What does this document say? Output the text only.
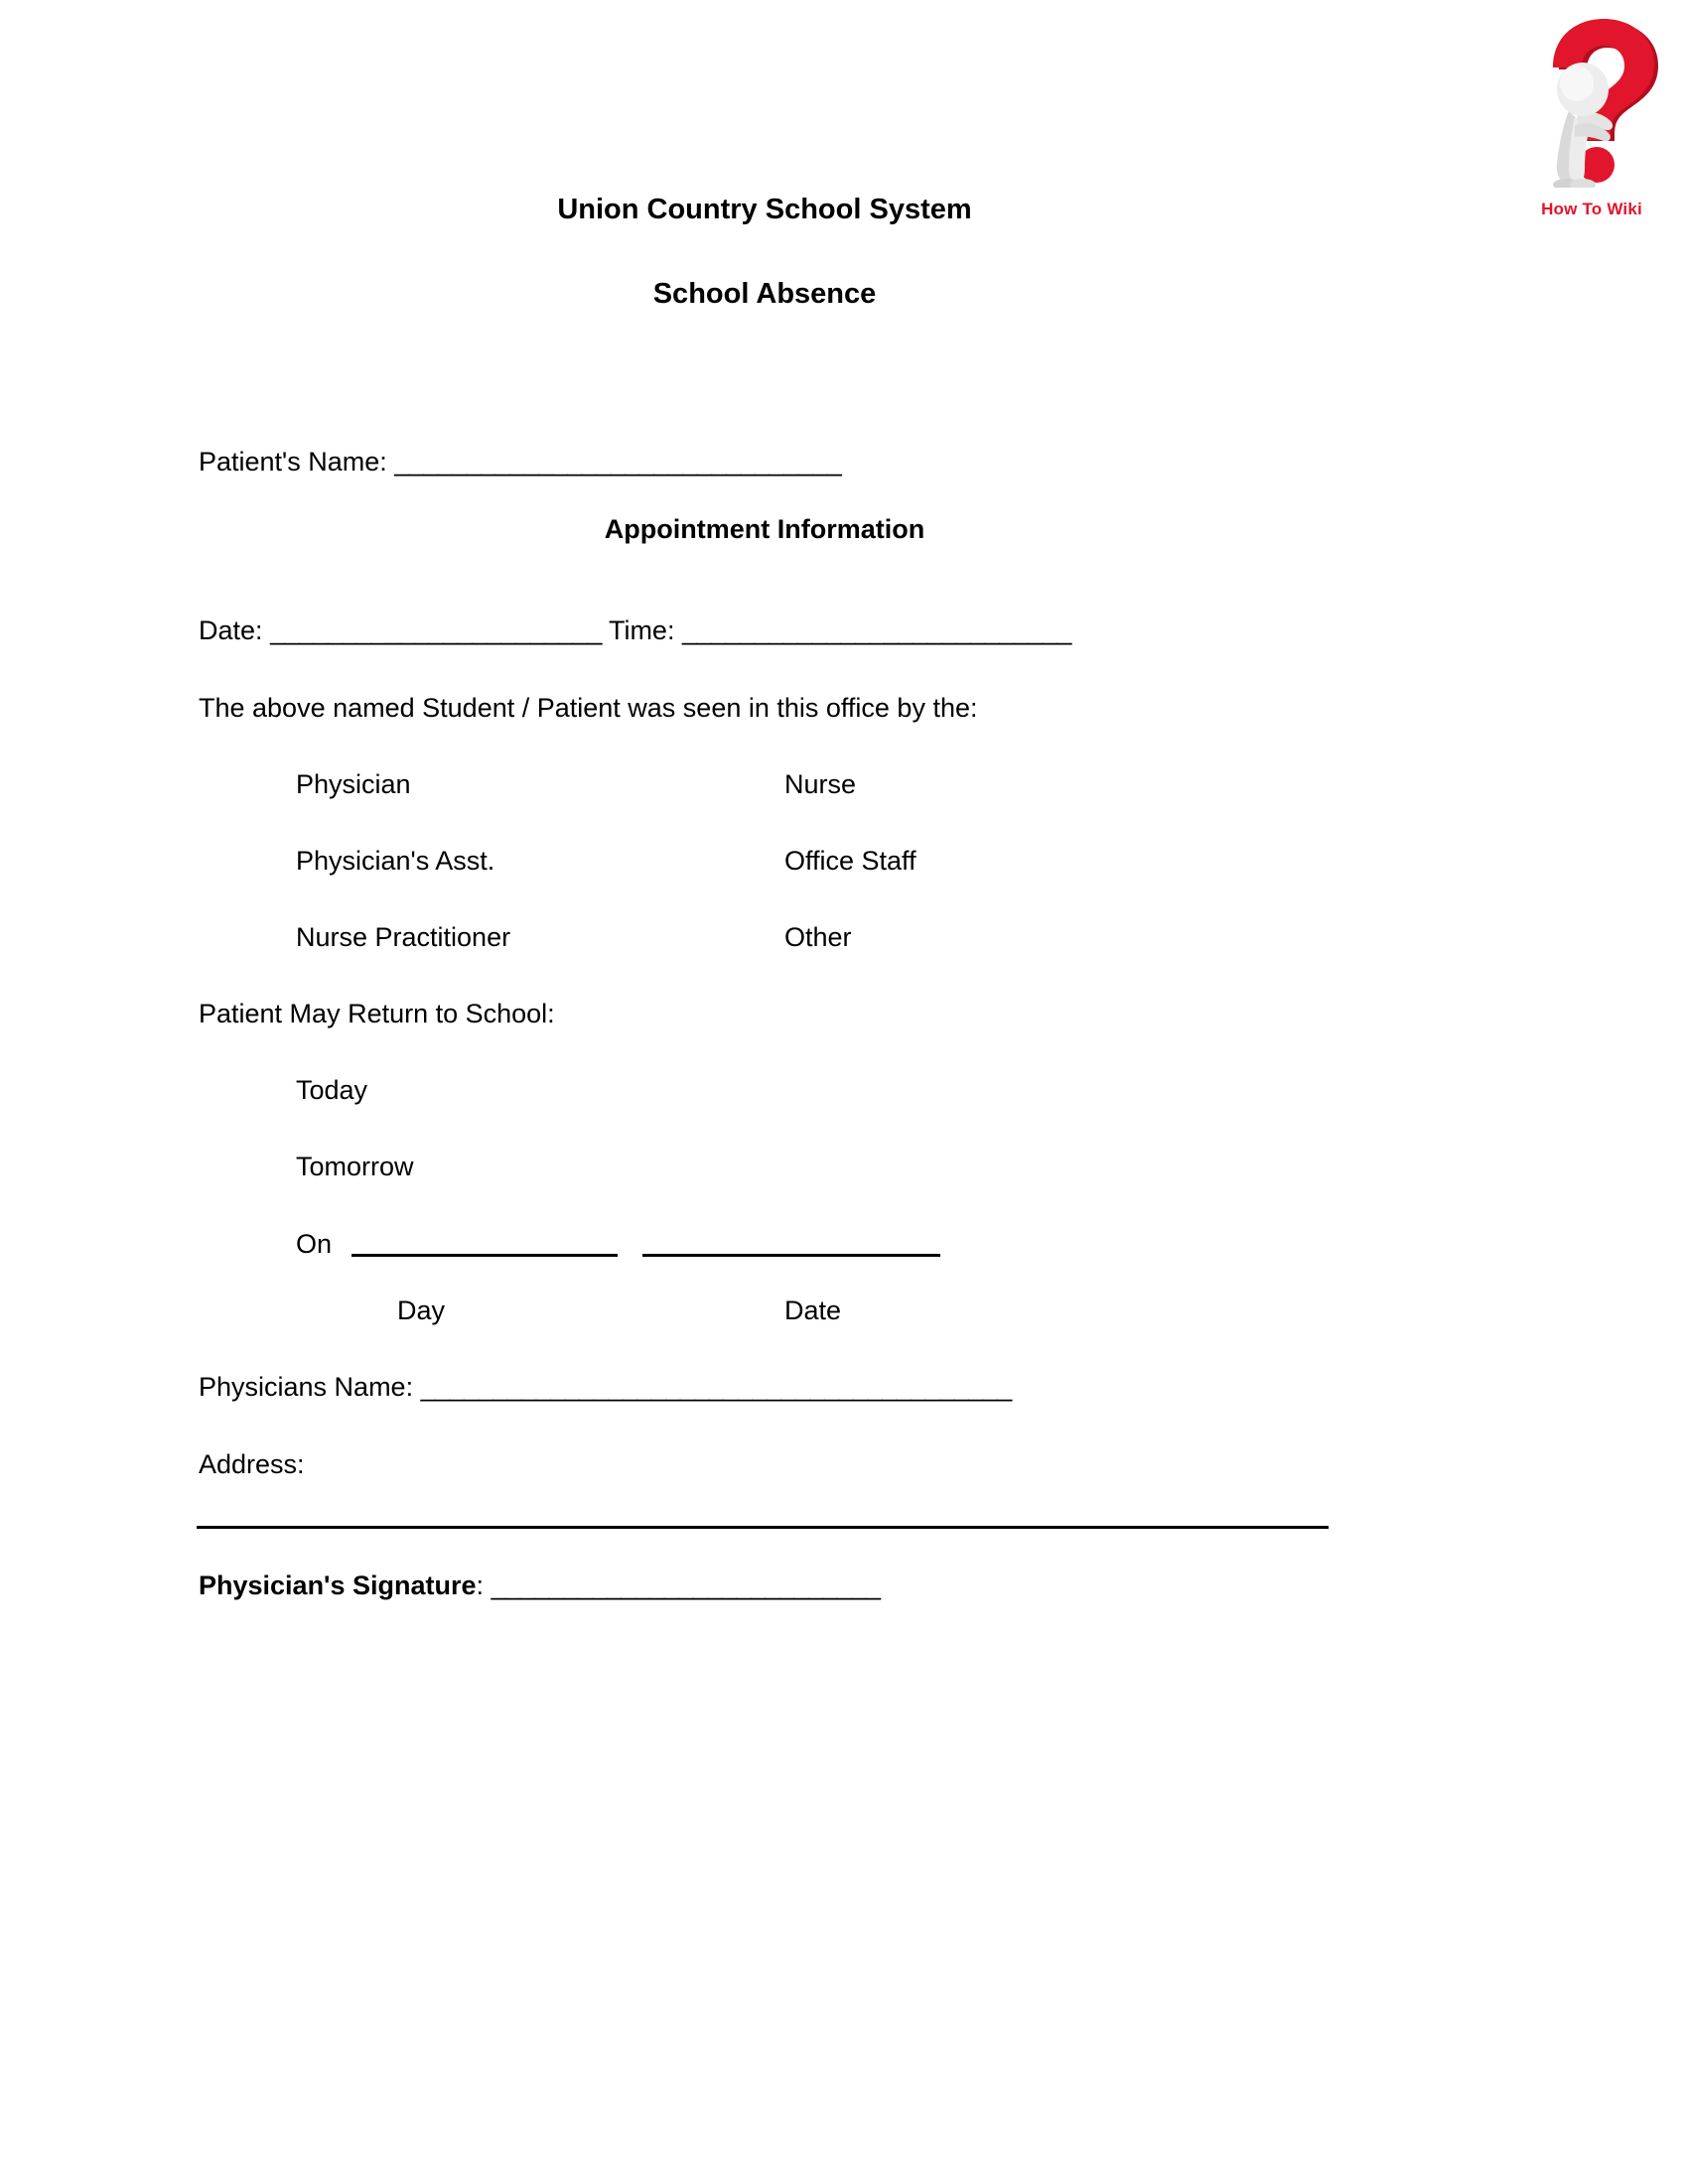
How To Wiki
Union Country School System
School Absence
Patient's Name: _______________________________
Appointment Information
Date: _______________________ Time: ___________________________
The above named Student / Patient was seen in this office by the:
Physician	Nurse
Physician's Asst.	Office Staff
Nurse Practitioner	Other
Patient May Return to School:
Today
Tomorrow
On
Day	Date
Physicians Name: _________________________________________
Address:
Physician's Signature: ___________________________
